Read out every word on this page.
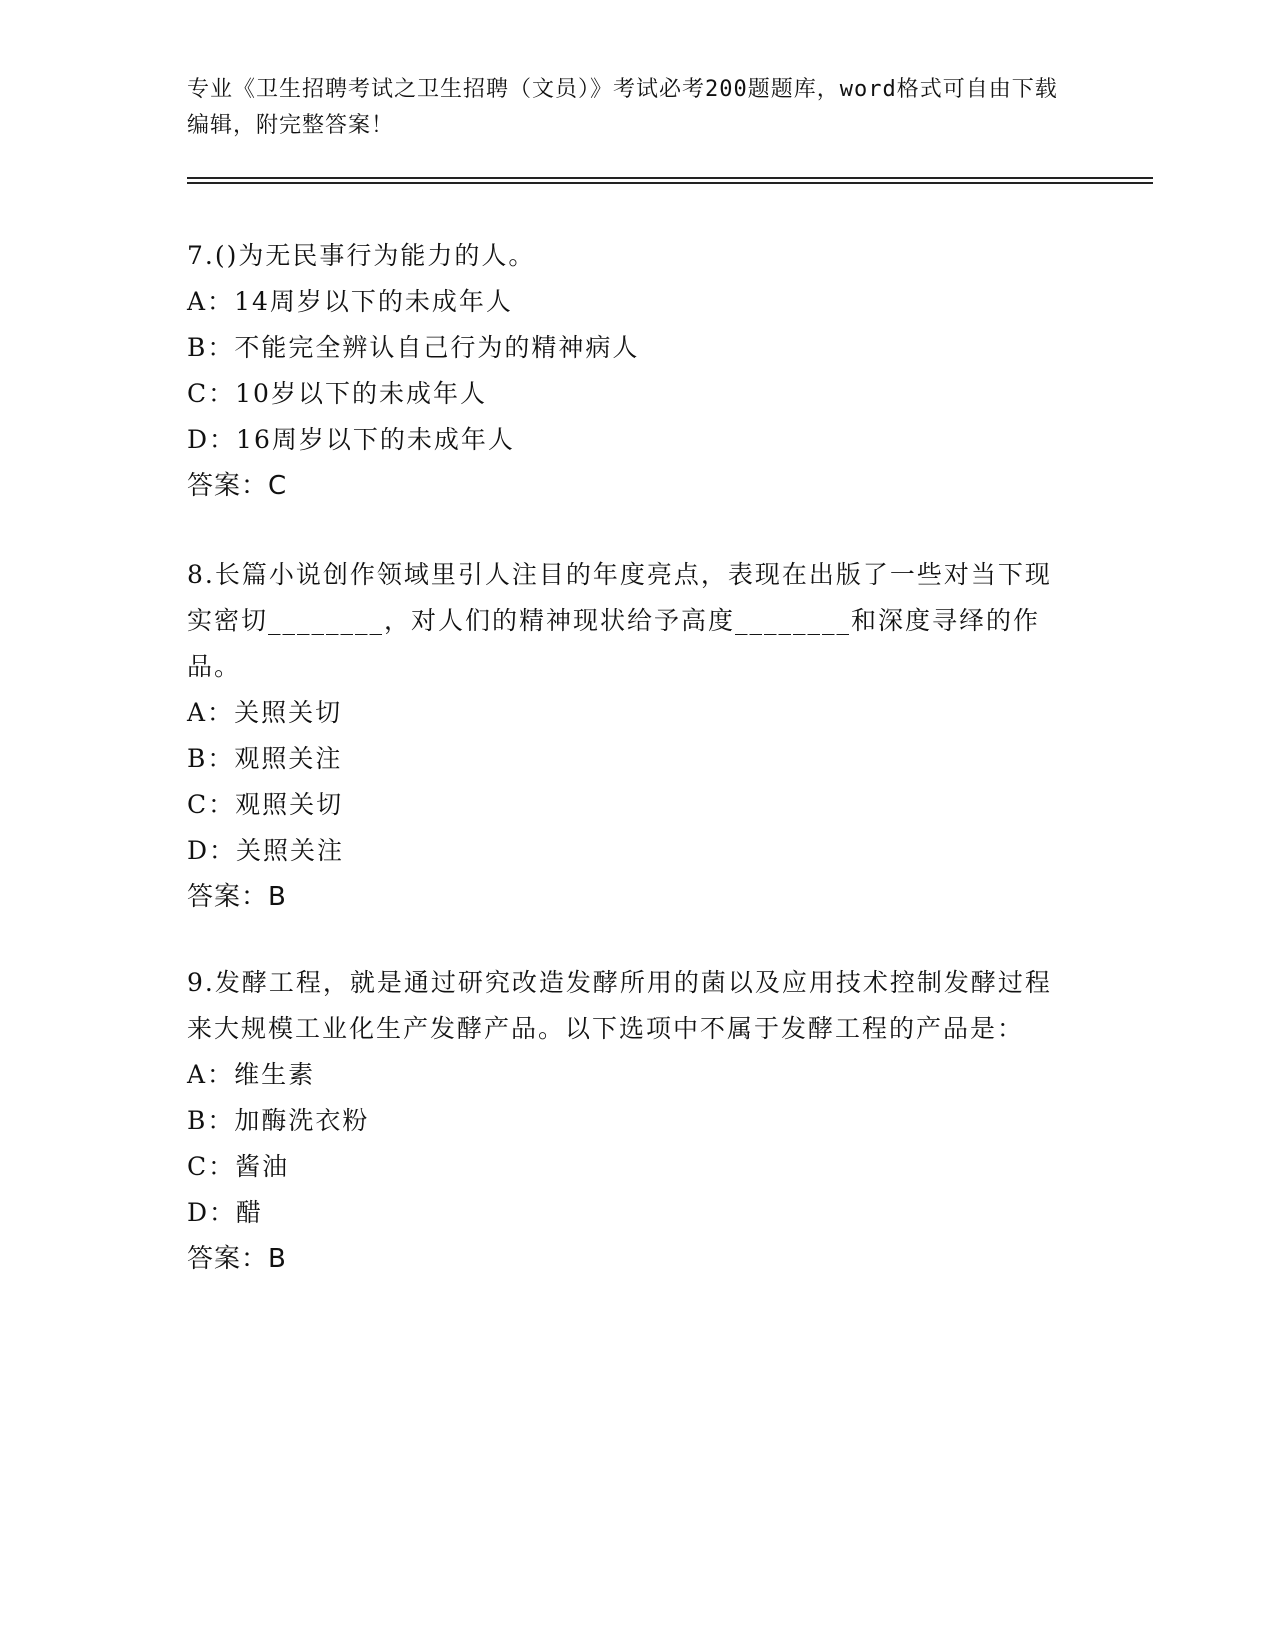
专业《卫生招聘考试之卫生招聘（文员）》考试必考200题题库，word格式可自由下载编辑，附完整答案！
7.()为无民事行为能力的人。
A：14周岁以下的未成年人
B：不能完全辨认自己行为的精神病人
C：10岁以下的未成年人
D：16周岁以下的未成年人
答案：C
8.长篇小说创作领域里引人注目的年度亮点，表现在出版了一些对当下现实密切________，对人们的精神现状给予高度________和深度寻绎的作品。
A：关照关切
B：观照关注
C：观照关切
D：关照关注
答案：B
9.发酵工程，就是通过研究改造发酵所用的菌以及应用技术控制发酵过程来大规模工业化生产发酵产品。以下选项中不属于发酵工程的产品是：
A：维生素
B：加酶洗衣粉
C：酱油
D：醋
答案：B
